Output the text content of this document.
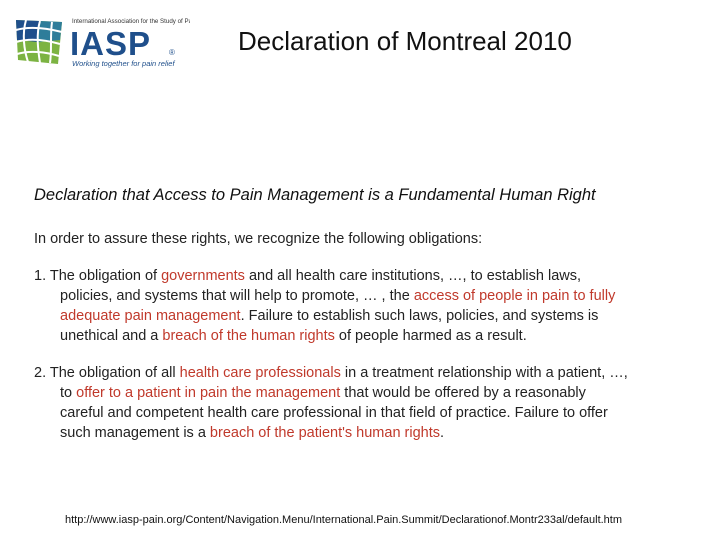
International Association for the Study of Pain
IASP ®
Working together for pain relief
Declaration of Montreal 2010
Declaration that Access to Pain Management is a Fundamental Human Right
In order to assure these rights, we recognize the following obligations:
1. The obligation of governments and all health care institutions, …, to establish laws,
policies, and systems that will help to promote, … , the access of people in pain to fully
adequate pain management. Failure to establish such laws, policies, and systems is
unethical and a breach of the human rights of people harmed as a result.
2. The obligation of all health care professionals in a treatment relationship with a patient, …,
to offer to a patient in pain the management that would be offered by a reasonably
careful and competent health care professional in that field of practice. Failure to offer
such management is a breach of the patient's human rights.
http://www.iasp-pain.org/Content/Navigation.Menu/International.Pain.Summit/Declarationof.Montr233al/default.htm
